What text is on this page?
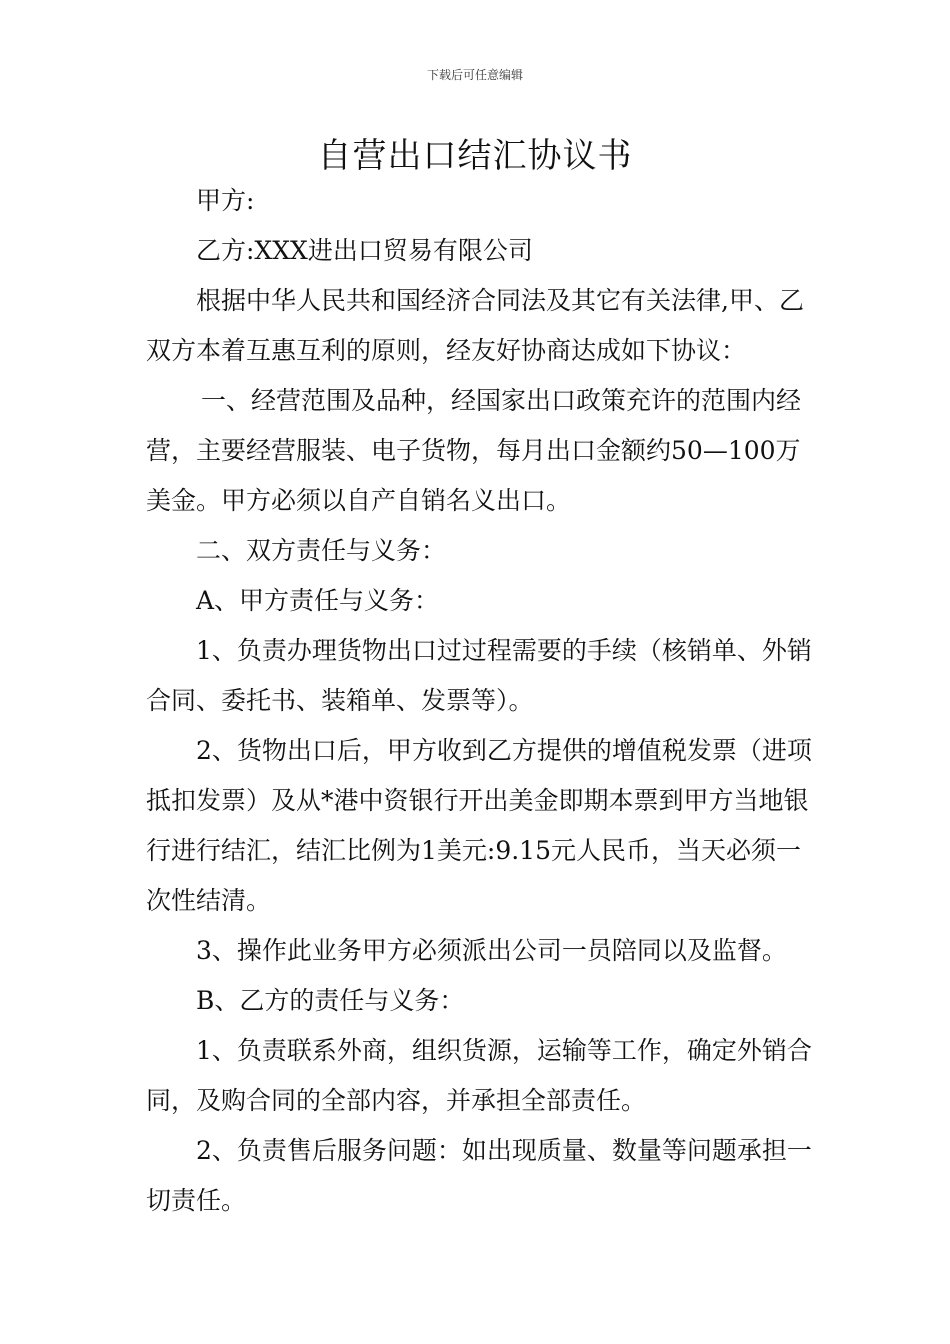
下载后可任意编辑
自营出口结汇协议书

甲方:

乙方:XXX进出口贸易有限公司

根据中华人民共和国经济合同法及其它有关法律,甲、乙双方本着互惠互利的原则，经友好协商达成如下协议：

一、经营范围及品种，经国家出口政策充许的范围内经营，主要经营服装、电子货物，每月出口金额约50—100万美金。甲方必须以自产自销名义出口。

二、双方责任与义务：

A、甲方责任与义务：

1、负责办理货物出口过过程需要的手续（核销单、外销合同、委托书、装箱单、发票等）。

2、货物出口后，甲方收到乙方提供的增值税发票（进项抵扣发票）及从*港中资银行开出美金即期本票到甲方当地银行进行结汇，结汇比例为1美元:9.15元人民币，当天必须一次性结清。

3、操作此业务甲方必须派出公司一员陪同以及监督。

B、乙方的责任与义务：

1、负责联系外商，组织货源，运输等工作，确定外销合同，及购合同的全部内容，并承担全部责任。

2、负责售后服务问题：如出现质量、数量等问题承担一切责任。
